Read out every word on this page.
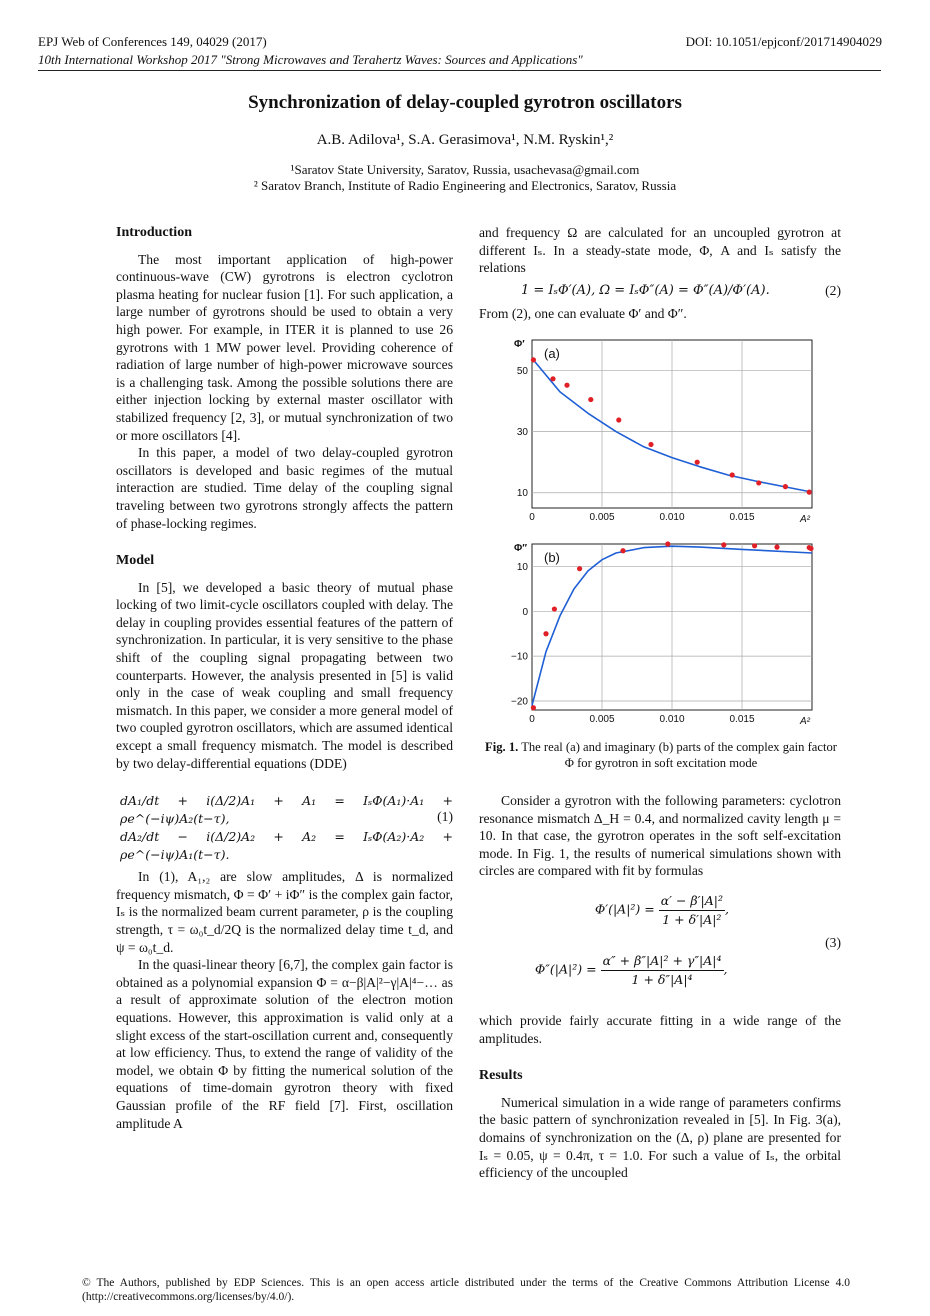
EPJ Web of Conferences 149, 04029 (2017)	DOI: 10.1051/epjconf/201714904029
10th International Workshop 2017 "Strong Microwaves and Terahertz Waves: Sources and Applications"
Synchronization of delay-coupled gyrotron oscillators
A.B. Adilova¹, S.A. Gerasimova¹, N.M. Ryskin¹,²
¹Saratov State University, Saratov, Russia, usachevasa@gmail.com
² Saratov Branch, Institute of Radio Engineering and Electronics, Saratov, Russia

Introduction

The most important application of high-power continuous-wave (CW) gyrotrons is electron cyclotron plasma heating for nuclear fusion [1]. For such application, a large number of gyrotrons should be used to obtain a very high power. For example, in ITER it is planned to use 26 gyrotrons with 1 MW power level. Providing coherence of radiation of large number of high-power microwave sources is a challenging task. Among the possible solutions there are either injection locking by external master oscillator with stabilized frequency [2, 3], or mutual synchronization of two or more oscillators [4].

In this paper, a model of two delay-coupled gyrotron oscillators is developed and basic regimes of the mutual interaction are studied. Time delay of the coupling signal traveling between two gyrotrons strongly affects the pattern of phase-locking regimes.

Model

In [5], we developed a basic theory of mutual phase locking of two limit-cycle oscillators coupled with delay. The delay in coupling provides essential features of the pattern of synchronization. In particular, it is very sensitive to the phase shift of the coupling signal propagating between two counterparts. However, the analysis presented in [5] is valid only in the case of weak coupling and small frequency mismatch. In this paper, we consider a more general model of two coupled gyrotron oscillators, which are assumed identical except a small frequency mismatch. The model is described by two delay-differential equations (DDE)

dA₁/dt + i(Δ/2)A₁ + A₁ = IₛΦ(A₁)·A₁ + ρe^(−iψ)A₂(t−τ),
dA₂/dt − i(Δ/2)A₂ + A₂ = IₛΦ(A₂)·A₂ + ρe^(−iψ)A₁(t−τ).
(1)

In (1), A₁,₂ are slow amplitudes, Δ is normalized frequency mismatch, Φ = Φ′ + iΦ″ is the complex gain factor, Iₛ is the normalized beam current parameter, ρ is the coupling strength, τ = ω₀t_d/2Q is the normalized delay time t_d, and ψ = ω₀t_d.

In the quasi-linear theory [6,7], the complex gain factor is obtained as a polynomial expansion Φ = α−β|A|²−γ|A|⁴−… as a result of approximate solution of the electron motion equations. However, this approximation is valid only at a slight excess of the start-oscillation current and, consequently at low efficiency. Thus, to extend the range of validity of the model, we obtain Φ by fitting the numerical solution of the equations of time-domain gyrotron theory with fixed Gaussian profile of the RF field [7]. First, oscillation amplitude A

and frequency Ω are calculated for an uncoupled gyrotron at different Iₛ. In a steady-state mode, Φ, A and Iₛ satisfy the relations

1 = IₛΦ′(A), Ω = IₛΦ″(A) = Φ″(A)/Φ′(A).	(2)

From (2), one can evaluate Φ′ and Φ″.

0	0.005	0.010	0.015
10
30
50
Φ′
A²
(a)
0	0.005	0.010	0.015
10
0
−10
−20
Φ″
A²
(b)
Fig. 1. The real (a) and imaginary (b) parts of the complex gain factor Φ for gyrotron in soft excitation mode

Consider a gyrotron with the following parameters: cyclotron resonance mismatch Δ_H = 0.4, and normalized cavity length μ = 10. In that case, the gyrotron operates in the soft self-excitation mode. In Fig. 1, the results of numerical simulations shown with circles are compared with fit by formulas

$\Phi'(|A|^2) = \frac{\text{α′ − β′|A|²}}{\text{1 + δ′|A|²}}$ ,
$\Phi''(|A|^2) = \frac{\text{α″ + β″|A|² + γ″|A|⁴}}{\text{1 + δ″|A|⁴}}$ ,
(3)

which provide fairly accurate fitting in a wide range of the amplitudes.

Results

Numerical simulation in a wide range of parameters confirms the basic pattern of synchronization revealed in [5]. In Fig. 3(a), domains of synchronization on the (Δ, ρ) plane are presented for Iₛ = 0.05, ψ = 0.4π, τ = 1.0. For such a value of Iₛ, the orbital efficiency of the uncoupled

© The Authors, published by EDP Sciences. This is an open access article distributed under the terms of the Creative Commons Attribution License 4.0 (http://creativecommons.org/licenses/by/4.0/).
